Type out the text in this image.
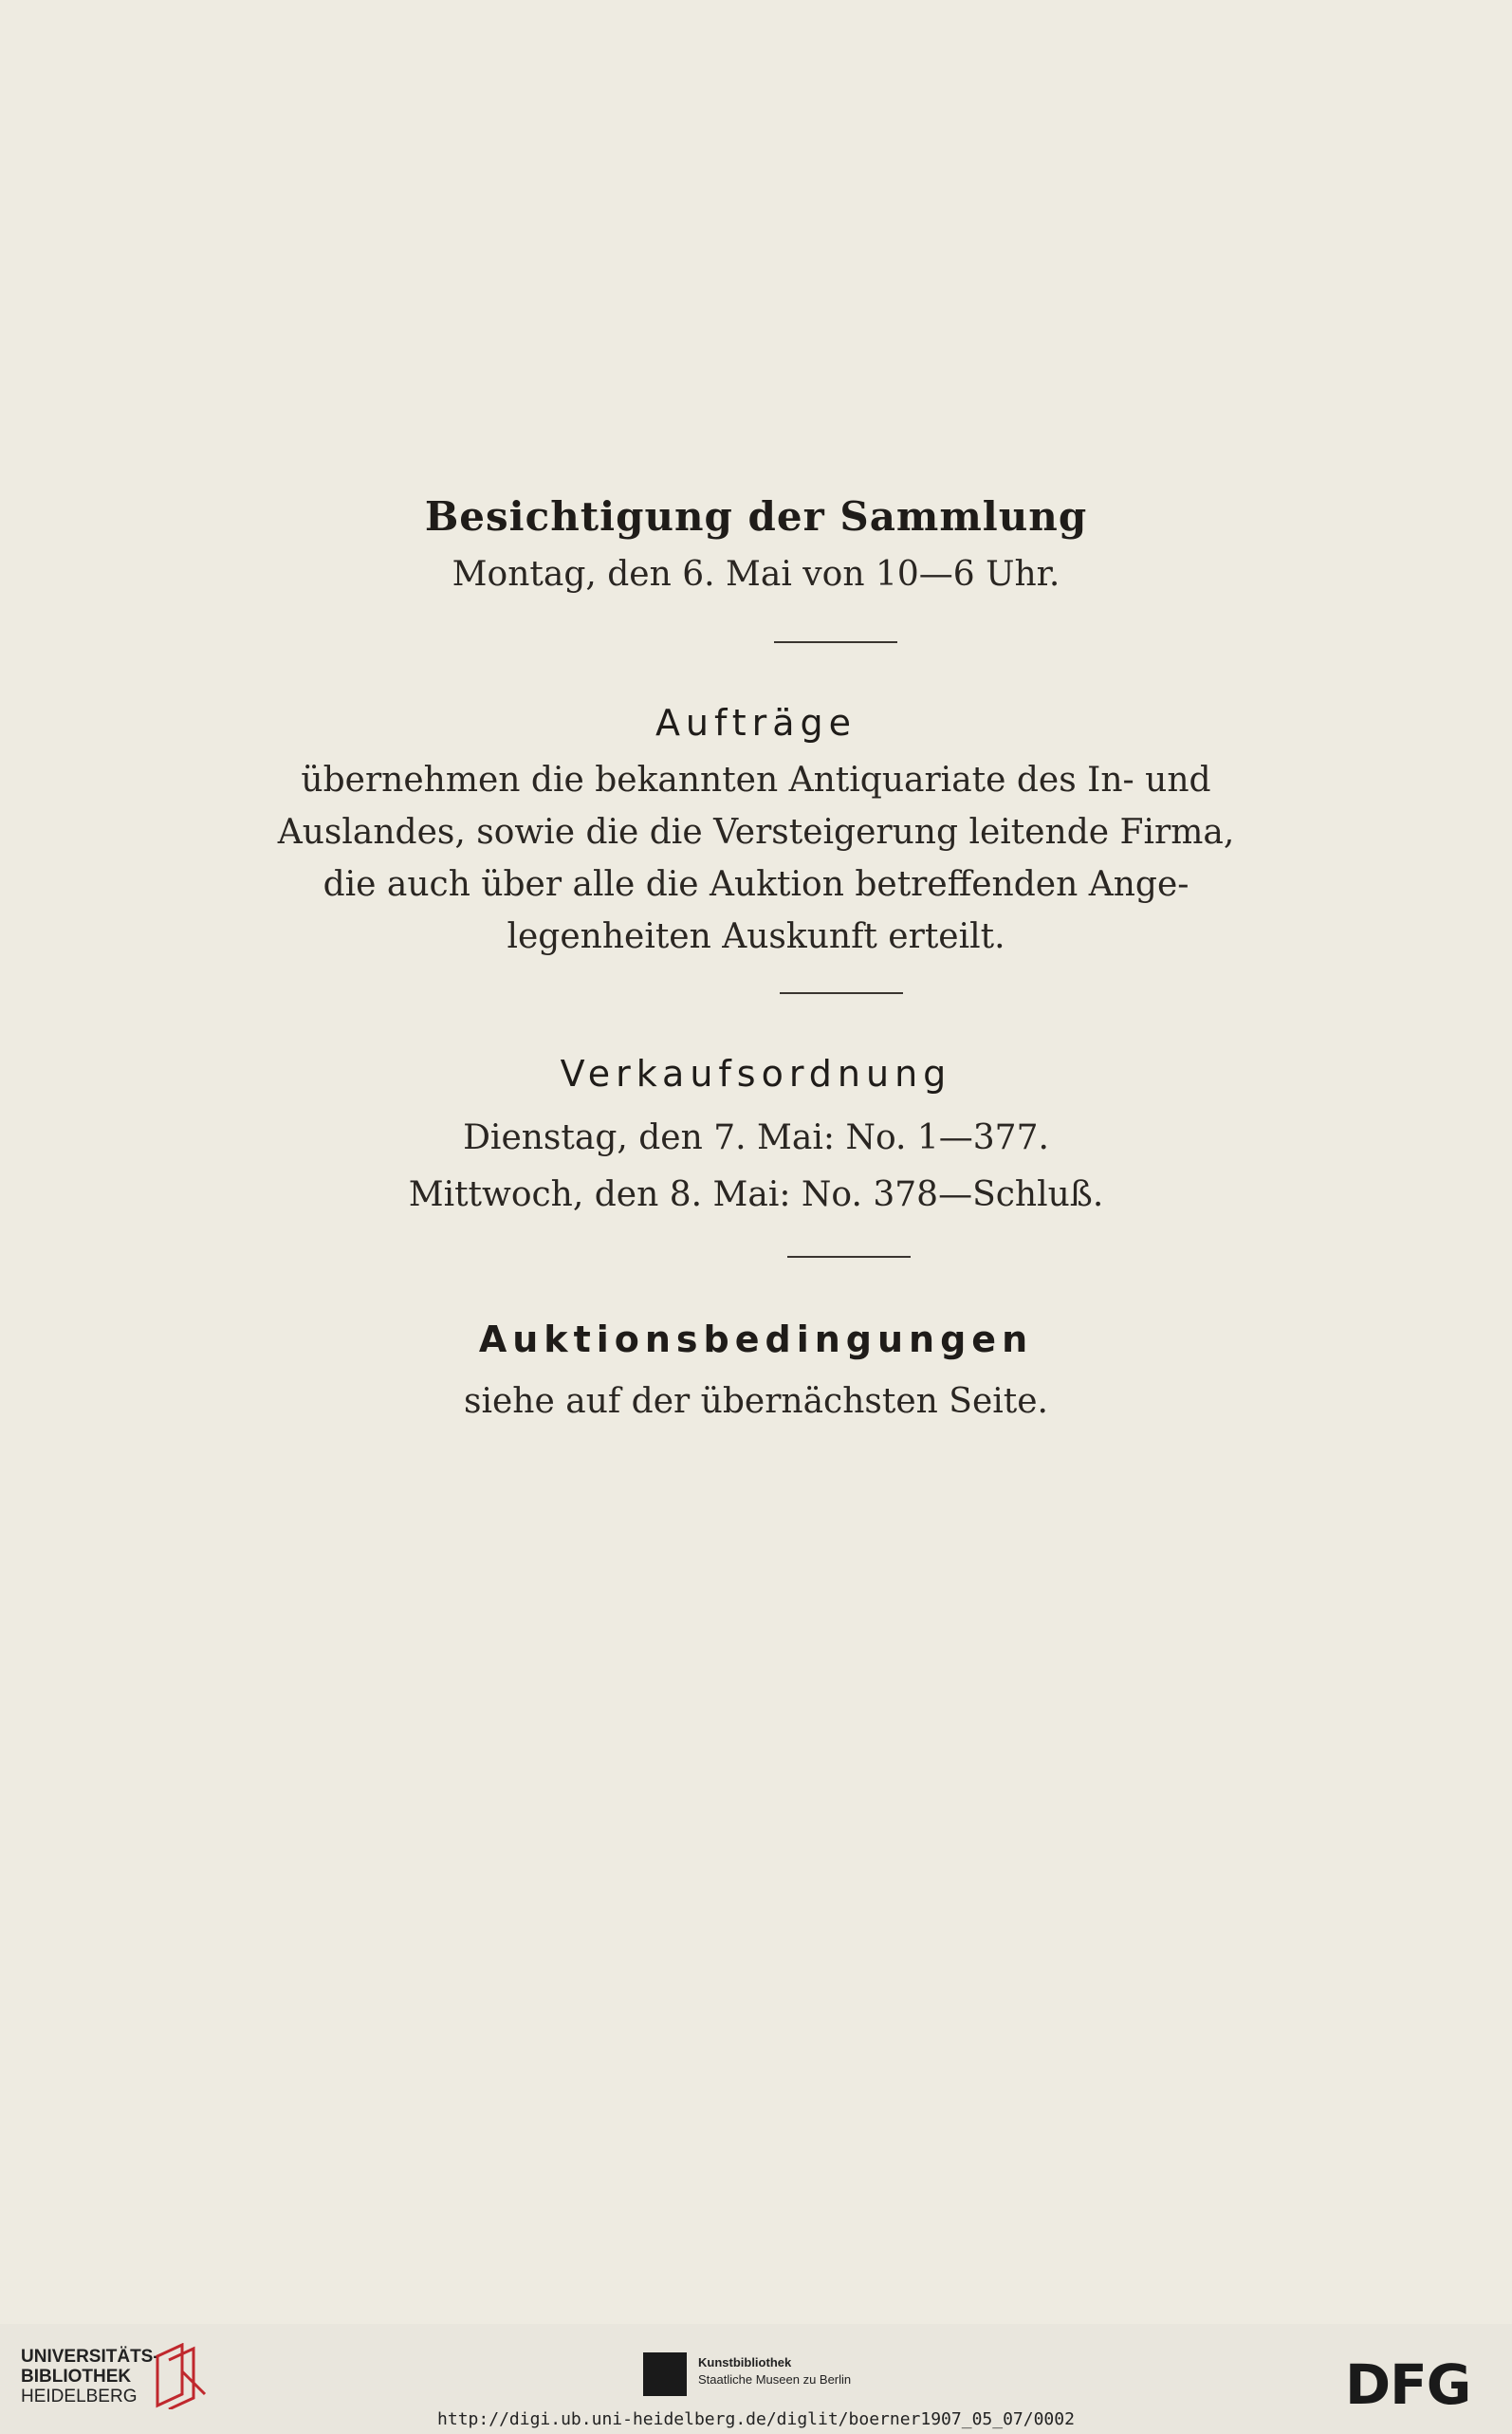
Besichtigung der Sammlung
Montag, den 6. Mai von 10—6 Uhr.
Aufträge
übernehmen die bekannten Antiquariate des In- und
Auslandes, sowie die die Versteigerung leitende Firma,
die auch über alle die Auktion betreffenden Ange-
legenheiten Auskunft erteilt.
Verkaufsordnung
Dienstag, den 7. Mai: No. 1—377.
Mittwoch, den 8. Mai: No. 378—Schluß.
Auktionsbedingungen
siehe auf der übernächsten Seite.
UNIVERSITÄTS-
BIBLIOTHEK
HEIDELBERG
Kunstbibliothek
Staatliche Museen zu Berlin	DFG
http://digi.ub.uni-heidelberg.de/diglit/boerner1907_05_07/0002
